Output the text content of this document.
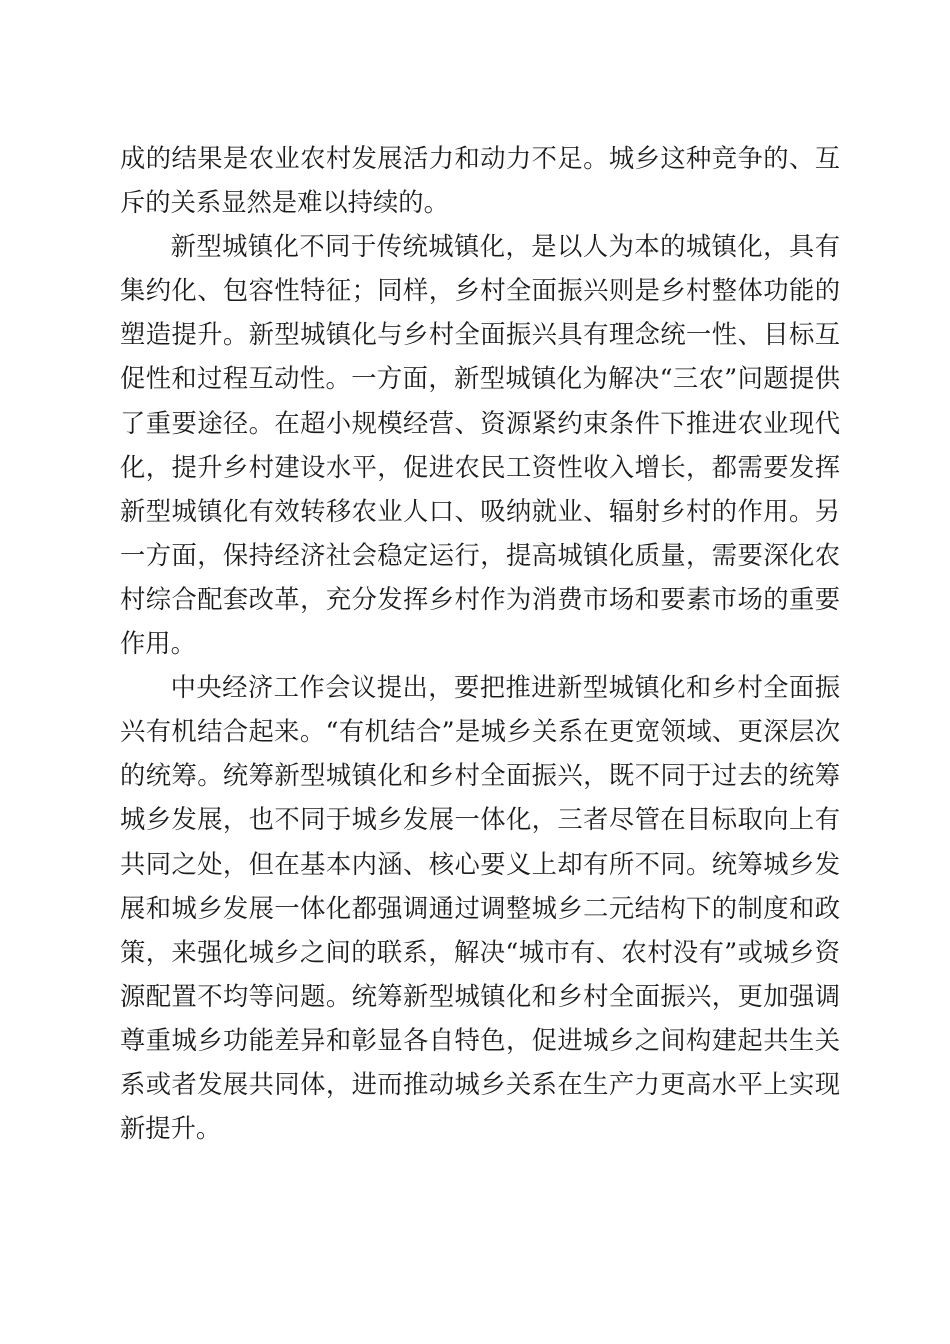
成的结果是农业农村发展活力和动力不足。城乡这种竞争的、互斥的关系显然是难以持续的。

新型城镇化不同于传统城镇化，是以人为本的城镇化，具有集约化、包容性特征；同样，乡村全面振兴则是乡村整体功能的塑造提升。新型城镇化与乡村全面振兴具有理念统一性、目标互促性和过程互动性。一方面，新型城镇化为解决“三农”问题提供了重要途径。在超小规模经营、资源紧约束条件下推进农业现代化，提升乡村建设水平，促进农民工资性收入增长，都需要发挥新型城镇化有效转移农业人口、吸纳就业、辐射乡村的作用。另一方面，保持经济社会稳定运行，提高城镇化质量，需要深化农村综合配套改革，充分发挥乡村作为消费市场和要素市场的重要作用。

中央经济工作会议提出，要把推进新型城镇化和乡村全面振兴有机结合起来。“有机结合”是城乡关系在更宽领域、更深层次的统筹。统筹新型城镇化和乡村全面振兴，既不同于过去的统筹城乡发展，也不同于城乡发展一体化，三者尽管在目标取向上有共同之处，但在基本内涵、核心要义上却有所不同。统筹城乡发展和城乡发展一体化都强调通过调整城乡二元结构下的制度和政策，来强化城乡之间的联系，解决“城市有、农村没有”或城乡资源配置不均等问题。统筹新型城镇化和乡村全面振兴，更加强调尊重城乡功能差异和彰显各自特色，促进城乡之间构建起共生关系或者发展共同体，进而推动城乡关系在生产力更高水平上实现新提升。
